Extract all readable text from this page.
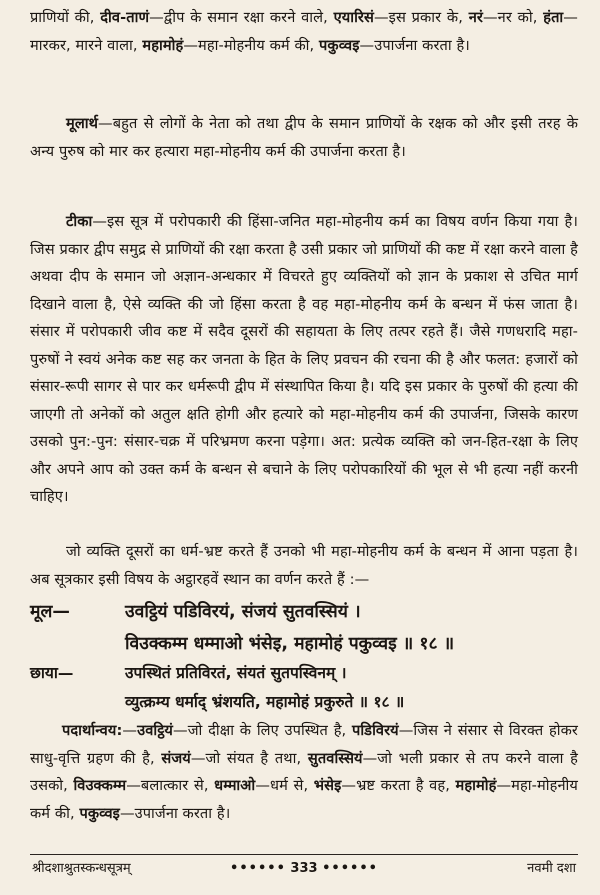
प्राणियों की, दीव-ताणं—द्वीप के समान रक्षा करने वाले, एयारिसं—इस प्रकार के, नरं—नर को, हंता—मारकर, मारने वाला, महामोहं—महा-मोहनीय कर्म की, पकुव्वइ—उपार्जना करता है।
मूलार्थ—बहुत से लोगों के नेता को तथा द्वीप के समान प्राणियों के रक्षक को और इसी तरह के अन्य पुरुष को मार कर हत्यारा महा-मोहनीय कर्म की उपार्जना करता है।
टीका—इस सूत्र में परोपकारी की हिंसा-जनित महा-मोहनीय कर्म का विषय वर्णन किया गया है। जिस प्रकार द्वीप समुद्र से प्राणियों की रक्षा करता है उसी प्रकार जो प्राणियों की कष्ट में रक्षा करने वाला है अथवा दीप के समान जो अज्ञान-अन्धकार में विचरते हुए व्यक्तियों को ज्ञान के प्रकाश से उचित मार्ग दिखाने वाला है, ऐसे व्यक्ति की जो हिंसा करता है वह महा-मोहनीय कर्म के बन्धन में फंस जाता है। संसार में परोपकारी जीव कष्ट में सदैव दूसरों की सहायता के लिए तत्पर रहते हैं। जैसे गणधरादि महा-पुरुषों ने स्वयं अनेक कष्ट सह कर जनता के हित के लिए प्रवचन की रचना की है और फलत: हजारों को संसार-रूपी सागर से पार कर धर्मरूपी द्वीप में संस्थापित किया है। यदि इस प्रकार के पुरुषों की हत्या की जाएगी तो अनेकों को अतुल क्षति होगी और हत्यारे को महा-मोहनीय कर्म की उपार्जना, जिसके कारण उसको पुन:-पुन: संसार-चक्र में परिभ्रमण करना पड़ेगा। अत: प्रत्येक व्यक्ति को जन-हित-रक्षा के लिए और अपने आप को उक्त कर्म के बन्धन से बचाने के लिए परोपकारियों की भूल से भी हत्या नहीं करनी चाहिए।
जो व्यक्ति दूसरों का धर्म-भ्रष्ट करते हैं उनको भी महा-मोहनीय कर्म के बन्धन में आना पड़ता है। अब सूत्रकार इसी विषय के अट्ठारहवें स्थान का वर्णन करते हैं :—
मूल—	उवट्ठियं पडिविरयं, संजयं सुतवस्सियं ।
विउक्कम्म धम्माओ भंसेइ, महामोहं पकुव्वइ ॥ १८ ॥
छाया—	उपस्थितं प्रतिविरतं, संयतं सुतपस्विनम् ।
व्युत्क्रम्य धर्माद् भ्रंशयति, महामोहं प्रकुरुते ॥ १८ ॥
पदार्थान्वय:—उवट्ठियं—जो दीक्षा के लिए उपस्थित है, पडिविरयं—जिस ने संसार से विरक्त होकर साधु-वृत्ति ग्रहण की है, संजयं—जो संयत है तथा, सुतवस्सियं—जो भली प्रकार से तप करने वाला है उसको, विउक्कम्म—बलात्कार से, धम्माओ—धर्म से, भंसेइ—भ्रष्ट करता है वह, महामोहं—महा-मोहनीय कर्म की, पकुव्वइ—उपार्जना करता है।
श्रीदशाश्रुतस्कन्धसूत्रम्	•••••• 333 ••••••	नवमी दशा
